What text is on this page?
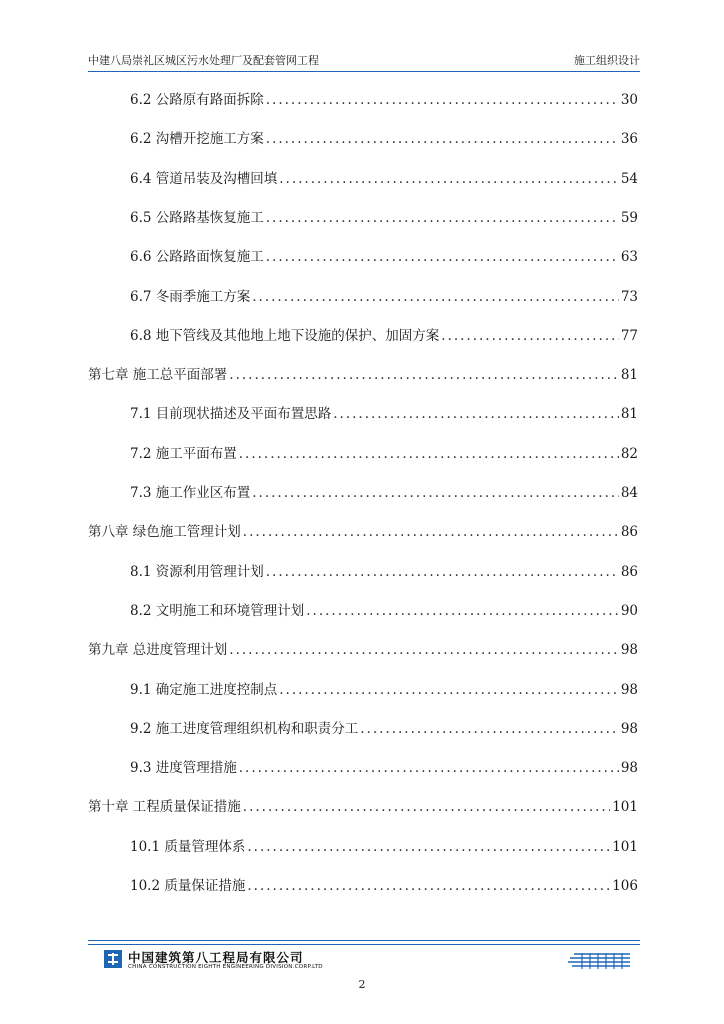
中建八局崇礼区城区污水处理厂及配套管网工程	施工组织设计
6.2 公路原有路面拆除 .....	30
6.2 沟槽开挖施工方案 .....	36
6.4 管道吊装及沟槽回填 .....	54
6.5 公路路基恢复施工 .....	59
6.6 公路路面恢复施工 .....	63
6.7 冬雨季施工方案 .....	73
6.8 地下管线及其他地上地下设施的保护、加固方案 .....	77
第七章 施工总平面部署 .....	81
7.1 目前现状描述及平面布置思路 .....	81
7.2 施工平面布置 .....	82
7.3 施工作业区布置 .....	84
第八章 绿色施工管理计划 .....	86
8.1 资源利用管理计划 .....	86
8.2 文明施工和环境管理计划 .....	90
第九章 总进度管理计划 .....	98
9.1 确定施工进度控制点 .....	98
9.2 施工进度管理组织机构和职责分工 .....	98
9.3 进度管理措施 .....	98
第十章 工程质量保证措施 .....	101
10.1 质量管理体系 .....	101
10.2 质量保证措施 .....	106
中国建筑第八工程局有限公司
CHINA CONSTRUCTION EIGHTH ENGINEERING DIVISION.CORP.LTD
2
